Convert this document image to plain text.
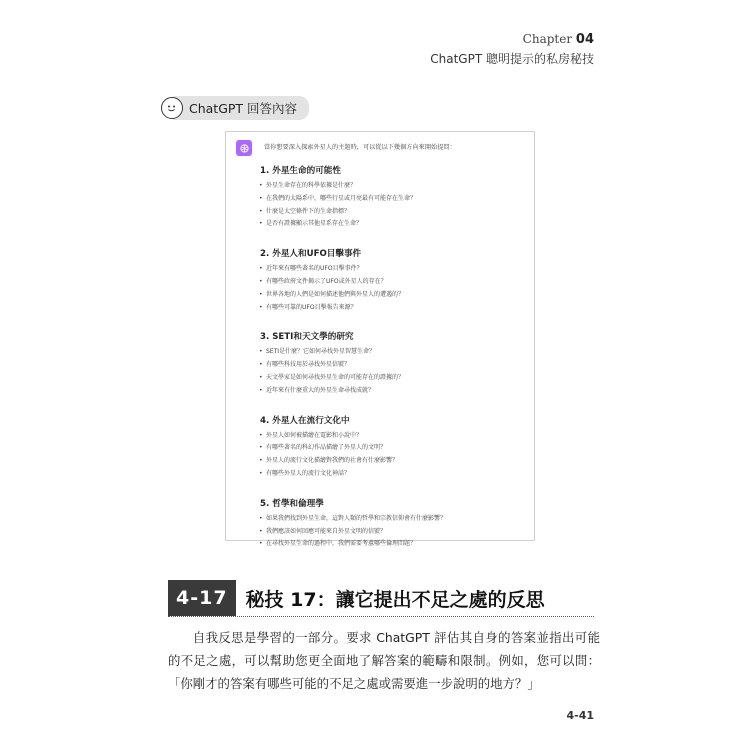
Chapter 04
ChatGPT 聰明提示的私房秘技
ChatGPT 回答內容
當你想要深入探索外星人的主題時，可以從以下幾個方向來開始提問：
1. 外星生命的可能性
• 外星生命存在的科學依據是什麼？
• 在我們的太陽系中，哪些行星或月亮最有可能存在生命？
• 什麼是太空條件下的生命指標？
• 是否有證據顯示其他星系存在生命？
2. 外星人和UFO目擊事件
• 近年來有哪些著名的UFO目擊事件？
• 有哪些政府文件揭示了UFO或外星人的存在？
• 世界各地的人們是如何描述他們與外星人的遭遇的？
• 有哪些可靠的UFO目擊報告來源？
3. SETI和天文學的研究
• SETI是什麼？它如何尋找外星智慧生命？
• 有哪些科技用於尋找外星信號？
• 天文學家是如何尋找外星生命的可能存在的證據的？
• 近年來有什麼重大的外星生命尋找成就？
4. 外星人在流行文化中
• 外星人如何被描繪在電影和小說中？
• 有哪些著名的科幻作品描繪了外星人的文明？
• 外星人的流行文化描繪對我們的社會有什麼影響？
• 有哪些外星人的流行文化神話？
5. 哲學和倫理學
• 如果我們找到外星生命，這對人類的哲學和宗教信仰會有什麼影響？
• 我們應該如何回應可能來自外星文明的信號？
• 在尋找外星生命的過程中，我們需要考慮哪些倫理問題？
4-17 秘技 17：讓它提出不足之處的反思
自我反思是學習的一部分。要求 ChatGPT 評估其自身的答案並指出可能的不足之處，可以幫助您更全面地了解答案的範疇和限制。例如，您可以問：「你剛才的答案有哪些可能的不足之處或需要進一步說明的地方？」
4-41
